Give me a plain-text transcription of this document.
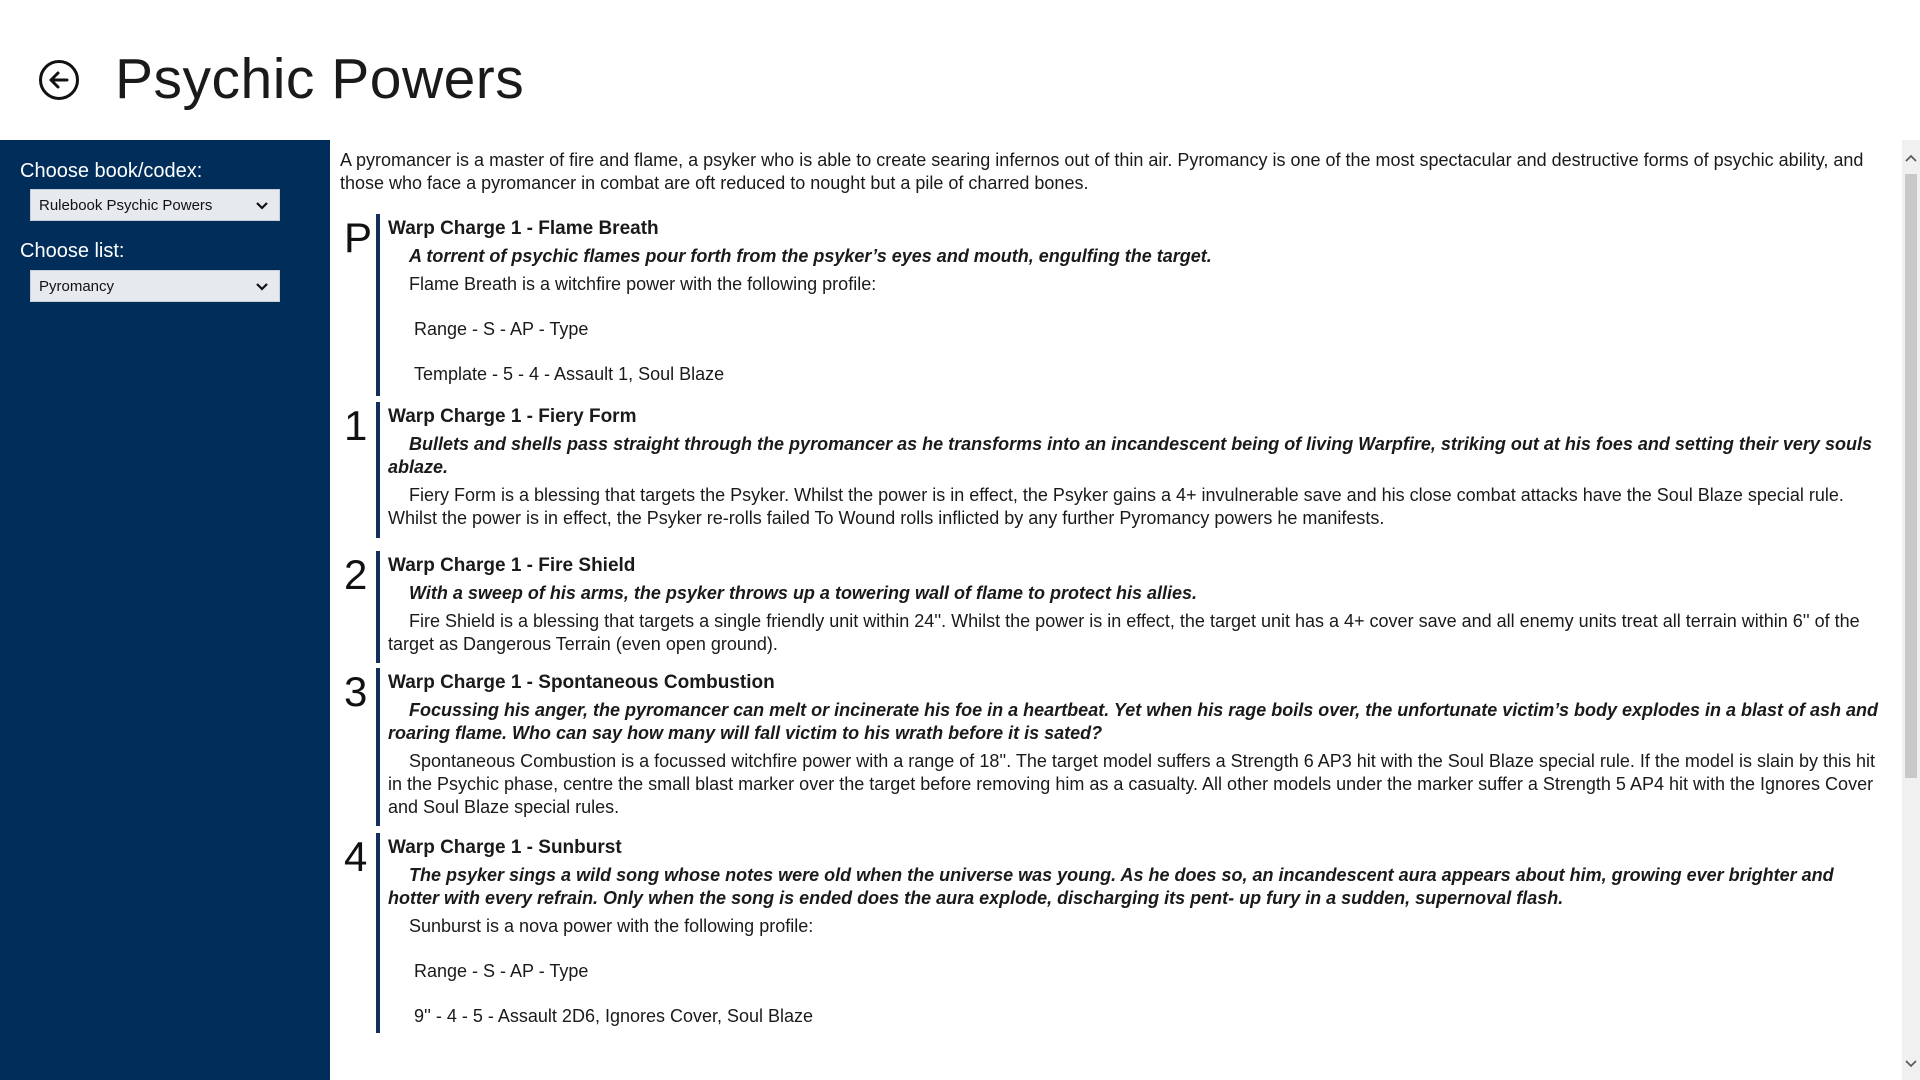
Psychic Powers
Choose book/codex:
Rulebook Psychic Powers
Choose list:
Pyromancy

A pyromancer is a master of fire and flame, a psyker who is able to create searing infernos out of thin air. Pyromancy is one of the most spectacular and destructive forms of psychic ability, and those who face a pyromancer in combat are oft reduced to nought but a pile of charred bones.

P Warp Charge 1 - Flame Breath

A torrent of psychic flames pour forth from the psyker’s eyes and mouth, engulfing the target.

Flame Breath is a witchfire power with the following profile:

Range - S - AP - Type

Template - 5 - 4 - Assault 1, Soul Blaze

1 Warp Charge 1 - Fiery Form

Bullets and shells pass straight through the pyromancer as he transforms into an incandescent being of living Warpfire, striking out at his foes and setting their very souls ablaze.

Fiery Form is a blessing that targets the Psyker. Whilst the power is in effect, the Psyker gains a 4+ invulnerable save and his close combat attacks have the Soul Blaze special rule. Whilst the power is in effect, the Psyker re-rolls failed To Wound rolls inflicted by any further Pyromancy powers he manifests.

2 Warp Charge 1 - Fire Shield

With a sweep of his arms, the psyker throws up a towering wall of flame to protect his allies.

Fire Shield is a blessing that targets a single friendly unit within 24''. Whilst the power is in effect, the target unit has a 4+ cover save and all enemy units treat all terrain within 6'' of the target as Dangerous Terrain (even open ground).

3 Warp Charge 1 - Spontaneous Combustion

Focussing his anger, the pyromancer can melt or incinerate his foe in a heartbeat. Yet when his rage boils over, the unfortunate victim’s body explodes in a blast of ash and roaring flame. Who can say how many will fall victim to his wrath before it is sated?

Spontaneous Combustion is a focussed witchfire power with a range of 18''. The target model suffers a Strength 6 AP3 hit with the Soul Blaze special rule. If the model is slain by this hit in the Psychic phase, centre the small blast marker over the target before removing him as a casualty. All other models under the marker suffer a Strength 5 AP4 hit with the Ignores Cover and Soul Blaze special rules.

4 Warp Charge 1 - Sunburst

The psyker sings a wild song whose notes were old when the universe was young. As he does so, an incandescent aura appears about him, growing ever brighter and hotter with every refrain. Only when the song is ended does the aura explode, discharging its pent- up fury in a sudden, supernoval flash.

Sunburst is a nova power with the following profile:

Range - S - AP - Type

9'' - 4 - 5 - Assault 2D6, Ignores Cover, Soul Blaze
